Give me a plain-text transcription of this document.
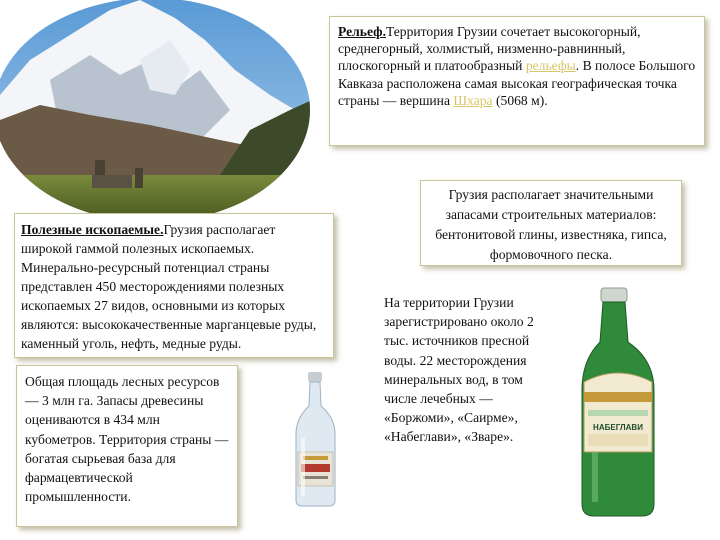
Рельеф.Территория Грузии сочетает высокогорный, среднегорный, холмистый, низменно-равнинный, плоскогорный и платообразный рельефы. В полосе Большого Кавказа расположена самая высокая географическая точка страны — вершина Шхара (5068 м).
Грузия располагает значительными запасами строительных материалов: бентонитовой глины, известняка, гипса, формовочного песка.
Полезные ископаемые.Грузия располагает широкой гаммой полезных ископаемых. Минерально-ресурсный потенциал страны представлен 450 месторождениями полезных ископаемых 27 видов, основными из которых являются: высококачественные марганцевые руды, каменный уголь, нефть, медные руды.
Общая площадь лесных ресурсов — 3 млн га. Запасы древесины оцениваются в 434 млн кубометров. Территория страны — богатая сырьевая база для фармацевтической промышленности.
На территории Грузии зарегистрировано около 2 тыс. источников пресной воды. 22 месторождения минеральных вод, в том числе лечебных — «Боржоми», «Саирме», «Набеглави», «Зваре».
НАБЕГЛАВИ
